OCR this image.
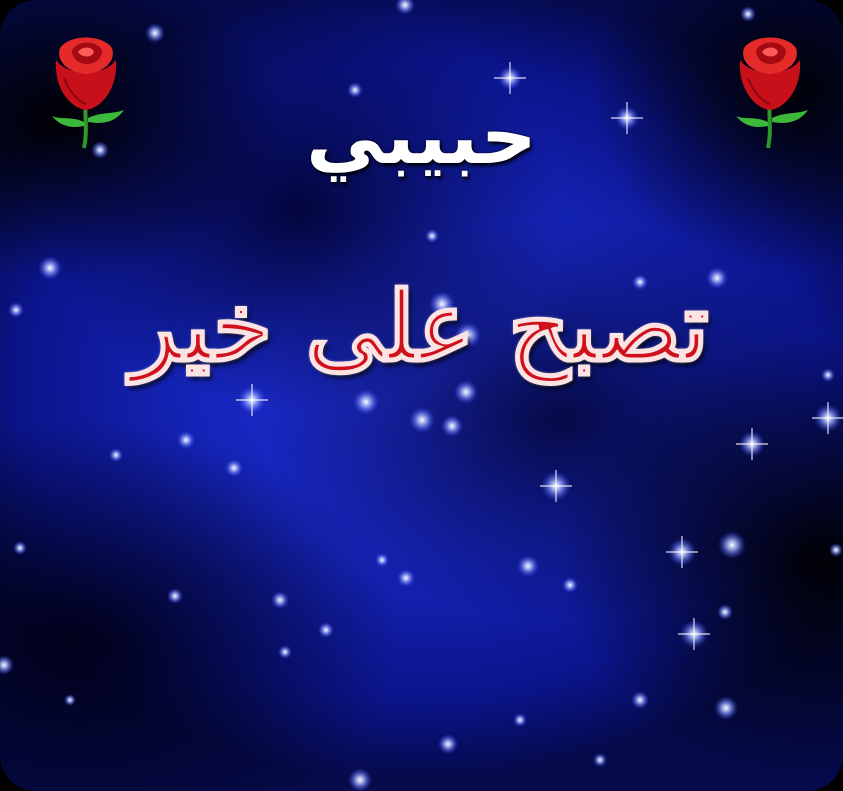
حبيبي
تصبح على خير
